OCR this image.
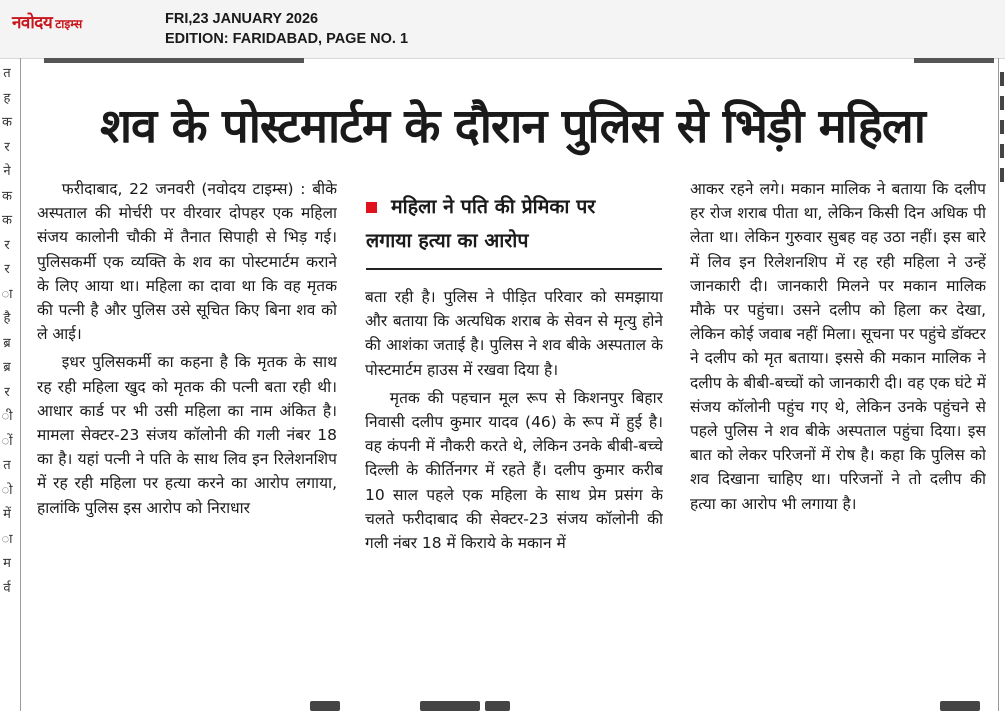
नवोदय टाइम्स	FRI,23 JANUARY 2026
EDITION: FARIDABAD, PAGE NO. 1
त
ह
क
र
ने
क
क
र
र
ा
है
ब्र
ब्र
र
ी
ों
त
ो
में
ा
म
र्व
शव के पोस्टमार्टम के दौरान पुलिस से भिड़ी महिला

फरीदाबाद, 22 जनवरी (नवोदय टाइम्स) : बीके अस्पताल की मोर्चरी पर वीरवार दोपहर एक महिला संजय कालोनी चौकी में तैनात सिपाही से भिड़ गई।पुलिसकर्मी एक व्यक्ति के शव का पोस्टमार्टम कराने के लिए आया था। महिला का दावा था कि वह मृतक की पत्नी है और पुलिस उसे सूचित किए बिना शव को ले आई।

इधर पुलिसकर्मी का कहना है कि मृतक के साथ रह रही महिला खुद को मृतक की पत्नी बता रही थी। आधार कार्ड पर भी उसी महिला का नाम अंकित है। मामला सेक्टर-23 संजय कॉलोनी की गली नंबर 18 का है। यहां पत्नी ने पति के साथ लिव इन रिलेशनशिप में रह रही महिला पर हत्या करने का आरोप लगाया, हालांकि पुलिस इस आरोप को निराधार

महिला ने पति की प्रेमिका पर
लगाया हत्या का आरोप

बता रही है। पुलिस ने पीड़ित परिवार को समझाया और बताया कि अत्यधिक शराब के सेवन से मृत्यु होने की आशंका जताई है। पुलिस ने शव बीके अस्पताल के पोस्टमार्टम हाउस में रखवा दिया है।

मृतक की पहचान मूल रूप से किशनपुर बिहार निवासी दलीप कुमार यादव (46) के रूप में हुई है। वह कंपनी में नौकरी करते थे, लेकिन उनके बीबी-बच्चे दिल्ली के कीर्तिनगर में रहते हैं। दलीप कुमार करीब 10 साल पहले एक महिला के साथ प्रेम प्रसंग के चलते फरीदाबाद की सेक्टर-23 संजय कॉलोनी की गली नंबर 18 में किराये के मकान में

आकर रहने लगे। मकान मालिक ने बताया कि दलीप हर रोज शराब पीता था, लेकिन किसी दिन अधिक पी लेता था। लेकिन गुरुवार सुबह वह उठा नहीं। इस बारे में लिव इन रिलेशनशिप में रह रही महिला ने उन्हें जानकारी दी। जानकारी मिलने पर मकान मालिक मौके पर पहुंचा। उसने दलीप को हिला कर देखा, लेकिन कोई जवाब नहीं मिला। सूचना पर पहुंचे डॉक्टर ने दलीप को मृत बताया। इससे की मकान मालिक ने दलीप के बीबी-बच्चों को जानकारी दी। वह एक घंटे में संजय कॉलोनी पहुंच गए थे, लेकिन उनके पहुंचने से पहले पुलिस ने शव बीके अस्पताल पहुंचा दिया। इस बात को लेकर परिजनों में रोष है। कहा कि पुलिस को शव दिखाना चाहिए था। परिजनों ने तो दलीप की हत्या का आरोप भी लगाया है।
